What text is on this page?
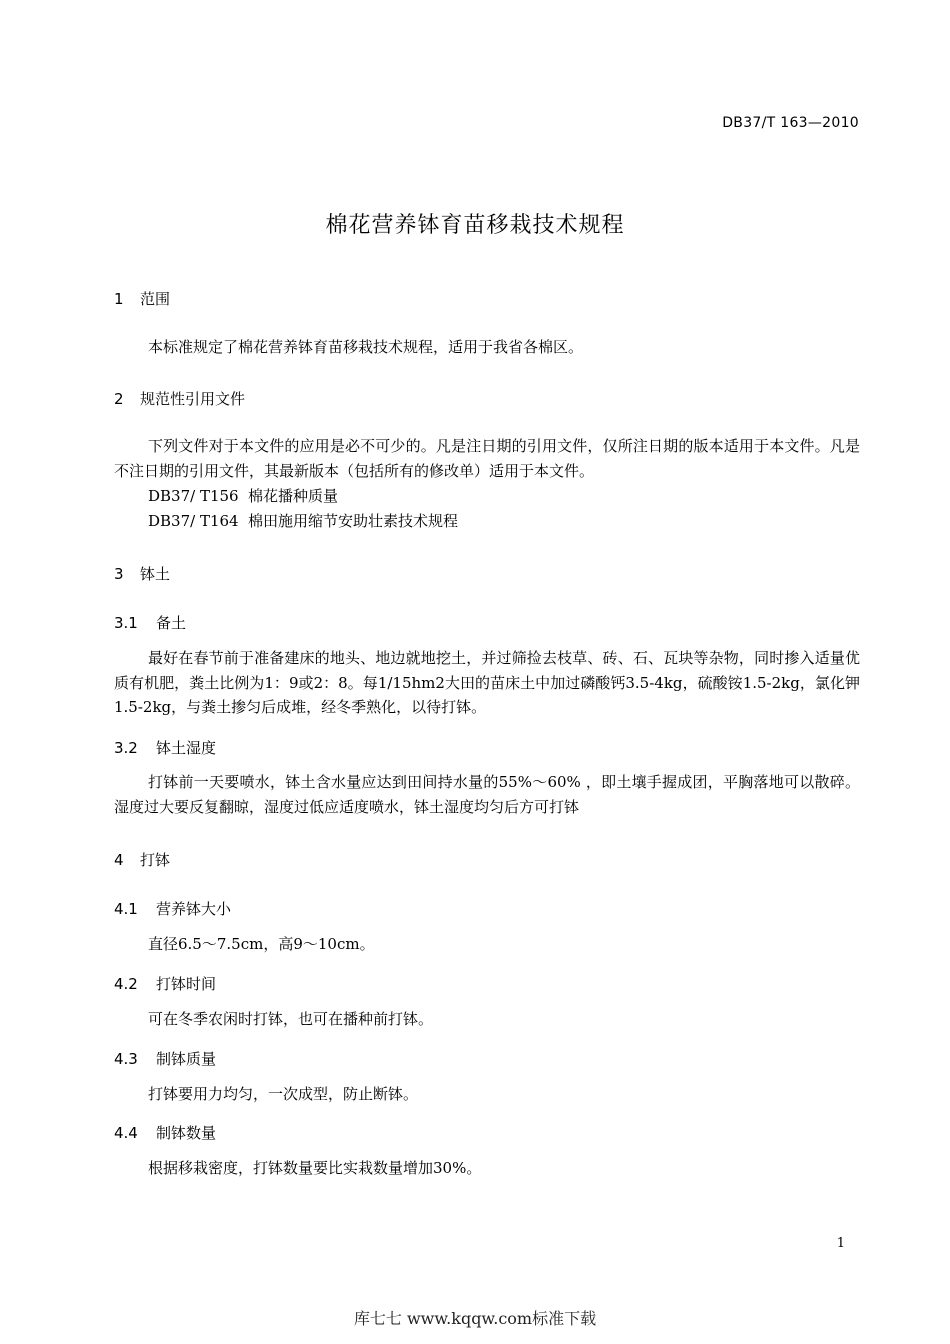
DB37/T 163—2010
棉花营养钵育苗移栽技术规程
1 范围

本标准规定了棉花营养钵育苗移栽技术规程，适用于我省各棉区。

2 规范性引用文件

下列文件对于本文件的应用是必不可少的。凡是注日期的引用文件，仅所注日期的版本适用于本文件。凡是不注日期的引用文件，其最新版本（包括所有的修改单）适用于本文件。

DB37/ T156 棉花播种质量
DB37/ T164 棉田施用缩节安助壮素技术规程
3 钵土
3.1 备土

最好在春节前于准备建床的地头、地边就地挖土，并过筛捡去枝草、砖、石、瓦块等杂物，同时掺入适量优质有机肥，粪土比例为1：9或2：8。每1/15hm2大田的苗床土中加过磷酸钙3.5-4kg，硫酸铵1.5-2kg，氯化钾1.5-2kg，与粪土掺匀后成堆，经冬季熟化，以待打钵。

3.2 钵土湿度

打钵前一天要喷水，钵土含水量应达到田间持水量的55%～60% ，即土壤手握成团，平胸落地可以散碎。湿度过大要反复翻晾，湿度过低应适度喷水，钵土湿度均匀后方可打钵

4 打钵
4.1 营养钵大小

直径6.5～7.5cm，高9～10cm。

4.2 打钵时间

可在冬季农闲时打钵，也可在播种前打钵。

4.3 制钵质量

打钵要用力均匀，一次成型，防止断钵。

4.4 制钵数量

根据移栽密度，打钵数量要比实栽数量增加30%。

1
库七七 www.kqqw.com标准下载
